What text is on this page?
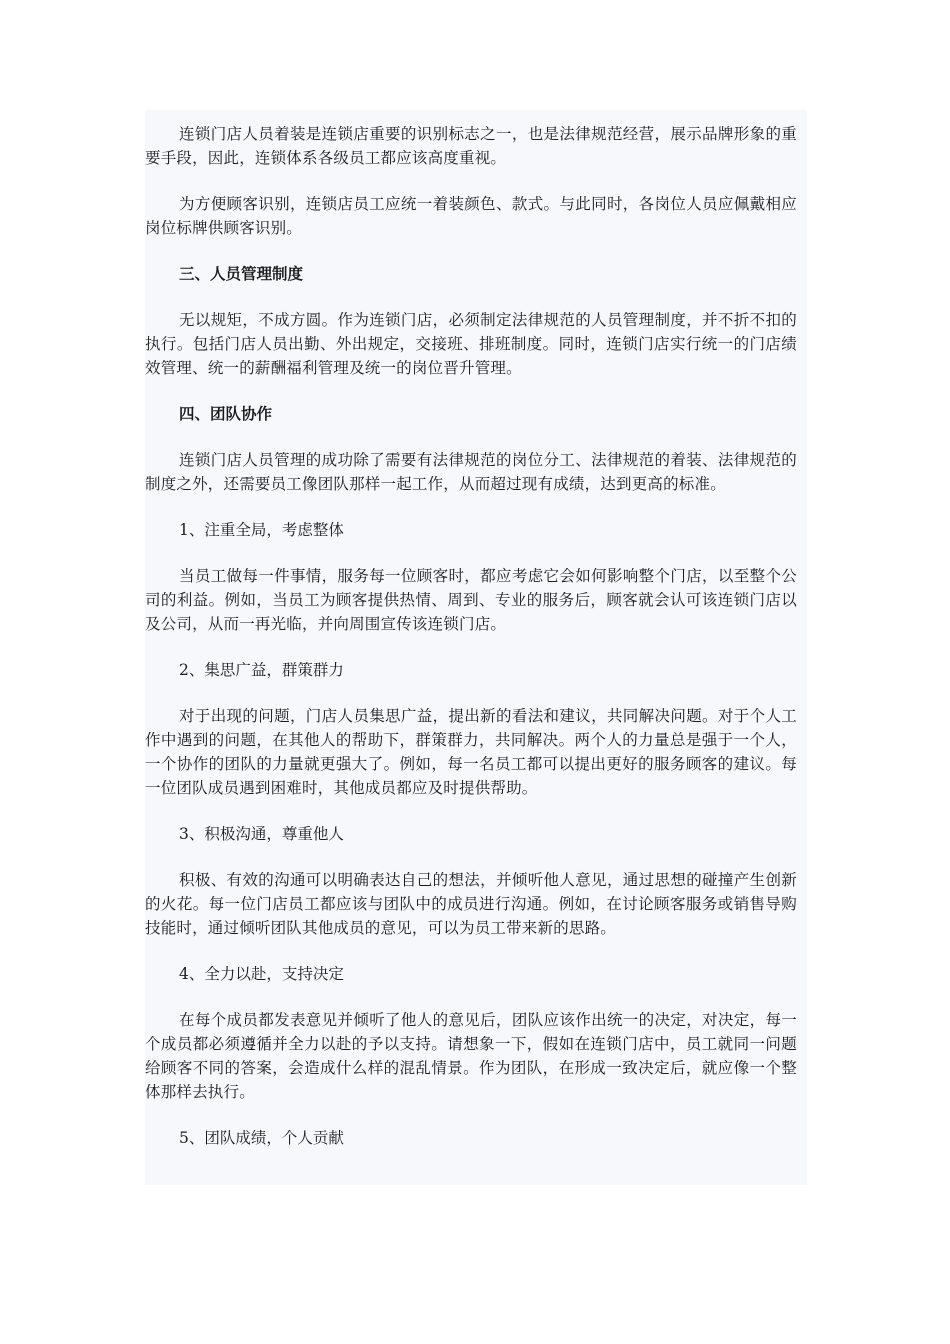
连锁门店人员着装是连锁店重要的识别标志之一，也是法律规范经营，展示品牌形象的重要手段，因此，连锁体系各级员工都应该高度重视。

为方便顾客识别，连锁店员工应统一着装颜色、款式。与此同时，各岗位人员应佩戴相应岗位标牌供顾客识别。

三、人员管理制度

无以规矩，不成方圆。作为连锁门店，必须制定法律规范的人员管理制度，并不折不扣的执行。包括门店人员出勤、外出规定，交接班、排班制度。同时，连锁门店实行统一的门店绩效管理、统一的薪酬福利管理及统一的岗位晋升管理。

四、团队协作

连锁门店人员管理的成功除了需要有法律规范的岗位分工、法律规范的着装、法律规范的制度之外，还需要员工像团队那样一起工作，从而超过现有成绩，达到更高的标准。

1、注重全局，考虑整体

当员工做每一件事情，服务每一位顾客时，都应考虑它会如何影响整个门店，以至整个公司的利益。例如，当员工为顾客提供热情、周到、专业的服务后，顾客就会认可该连锁门店以及公司，从而一再光临，并向周围宣传该连锁门店。

2、集思广益，群策群力

对于出现的问题，门店人员集思广益，提出新的看法和建议，共同解决问题。对于个人工作中遇到的问题，在其他人的帮助下，群策群力，共同解决。两个人的力量总是强于一个人，一个协作的团队的力量就更强大了。例如，每一名员工都可以提出更好的服务顾客的建议。每一位团队成员遇到困难时，其他成员都应及时提供帮助。

3、积极沟通，尊重他人

积极、有效的沟通可以明确表达自己的想法，并倾听他人意见，通过思想的碰撞产生创新的火花。每一位门店员工都应该与团队中的成员进行沟通。例如，在讨论顾客服务或销售导购技能时，通过倾听团队其他成员的意见，可以为员工带来新的思路。

4、全力以赴，支持决定

在每个成员都发表意见并倾听了他人的意见后，团队应该作出统一的决定，对决定，每一个成员都必须遵循并全力以赴的予以支持。请想象一下，假如在连锁门店中，员工就同一问题给顾客不同的答案，会造成什么样的混乱情景。作为团队，在形成一致决定后，就应像一个整体那样去执行。

5、团队成绩，个人贡献
